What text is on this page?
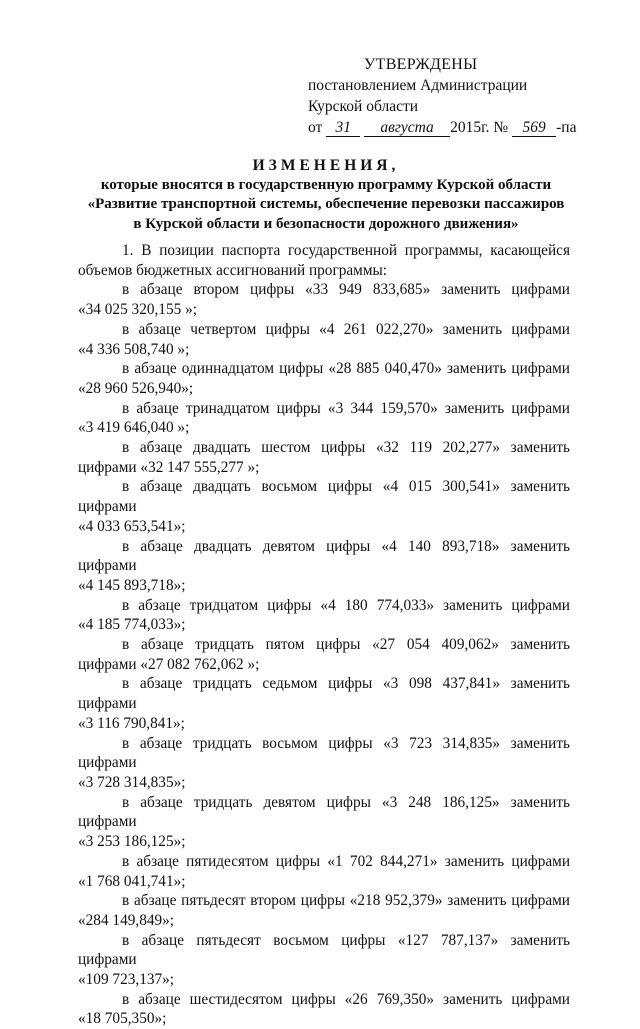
УТВЕРЖДЕНЫ
постановлением Администрации
Курской области
от 31 августа 2015г. № 569 -па
ИЗМЕНЕНИЯ,
которые вносятся в государственную программу Курской области
«Развитие транспортной системы, обеспечение перевозки пассажиров
в Курской области и безопасности дорожного движения»

1. В позиции паспорта государственной программы, касающейся

объемов бюджетных ассигнований программы:

в абзаце втором цифры «33 949 833,685» заменить цифрами

«34 025 320,155 »;

в абзаце четвертом цифры «4 261 022,270» заменить цифрами

«4 336 508,740 »;

в абзаце одиннадцатом цифры «28 885 040,470» заменить цифрами

«28 960 526,940»;

в абзаце тринадцатом цифры «3 344 159,570» заменить цифрами

«3 419 646,040 »;

в абзаце двадцать шестом цифры «32 119 202,277» заменить

цифрами «32 147 555,277 »;

в абзаце двадцать восьмом цифры «4 015 300,541» заменить цифрами

«4 033 653,541»;

в абзаце двадцать девятом цифры «4 140 893,718» заменить цифрами

«4 145 893,718»;

в абзаце тридцатом цифры «4 180 774,033» заменить цифрами

«4 185 774,033»;

в абзаце тридцать пятом цифры «27 054 409,062» заменить

цифрами «27 082 762,062 »;

в абзаце тридцать седьмом цифры «3 098 437,841» заменить цифрами

«3 116 790,841»;

в абзаце тридцать восьмом цифры «3 723 314,835» заменить цифрами

«3 728 314,835»;

в абзаце тридцать девятом цифры «3 248 186,125» заменить цифрами

«3 253 186,125»;

в абзаце пятидесятом цифры «1 702 844,271» заменить цифрами

«1 768 041,741»;

в абзаце пятьдесят втором цифры «218 952,379» заменить цифрами

«284 149,849»;

в абзаце пятьдесят восьмом цифры «127 787,137» заменить цифрами

«109 723,137»;

в абзаце шестидесятом цифры «26 769,350» заменить цифрами

«18 705,350»;
